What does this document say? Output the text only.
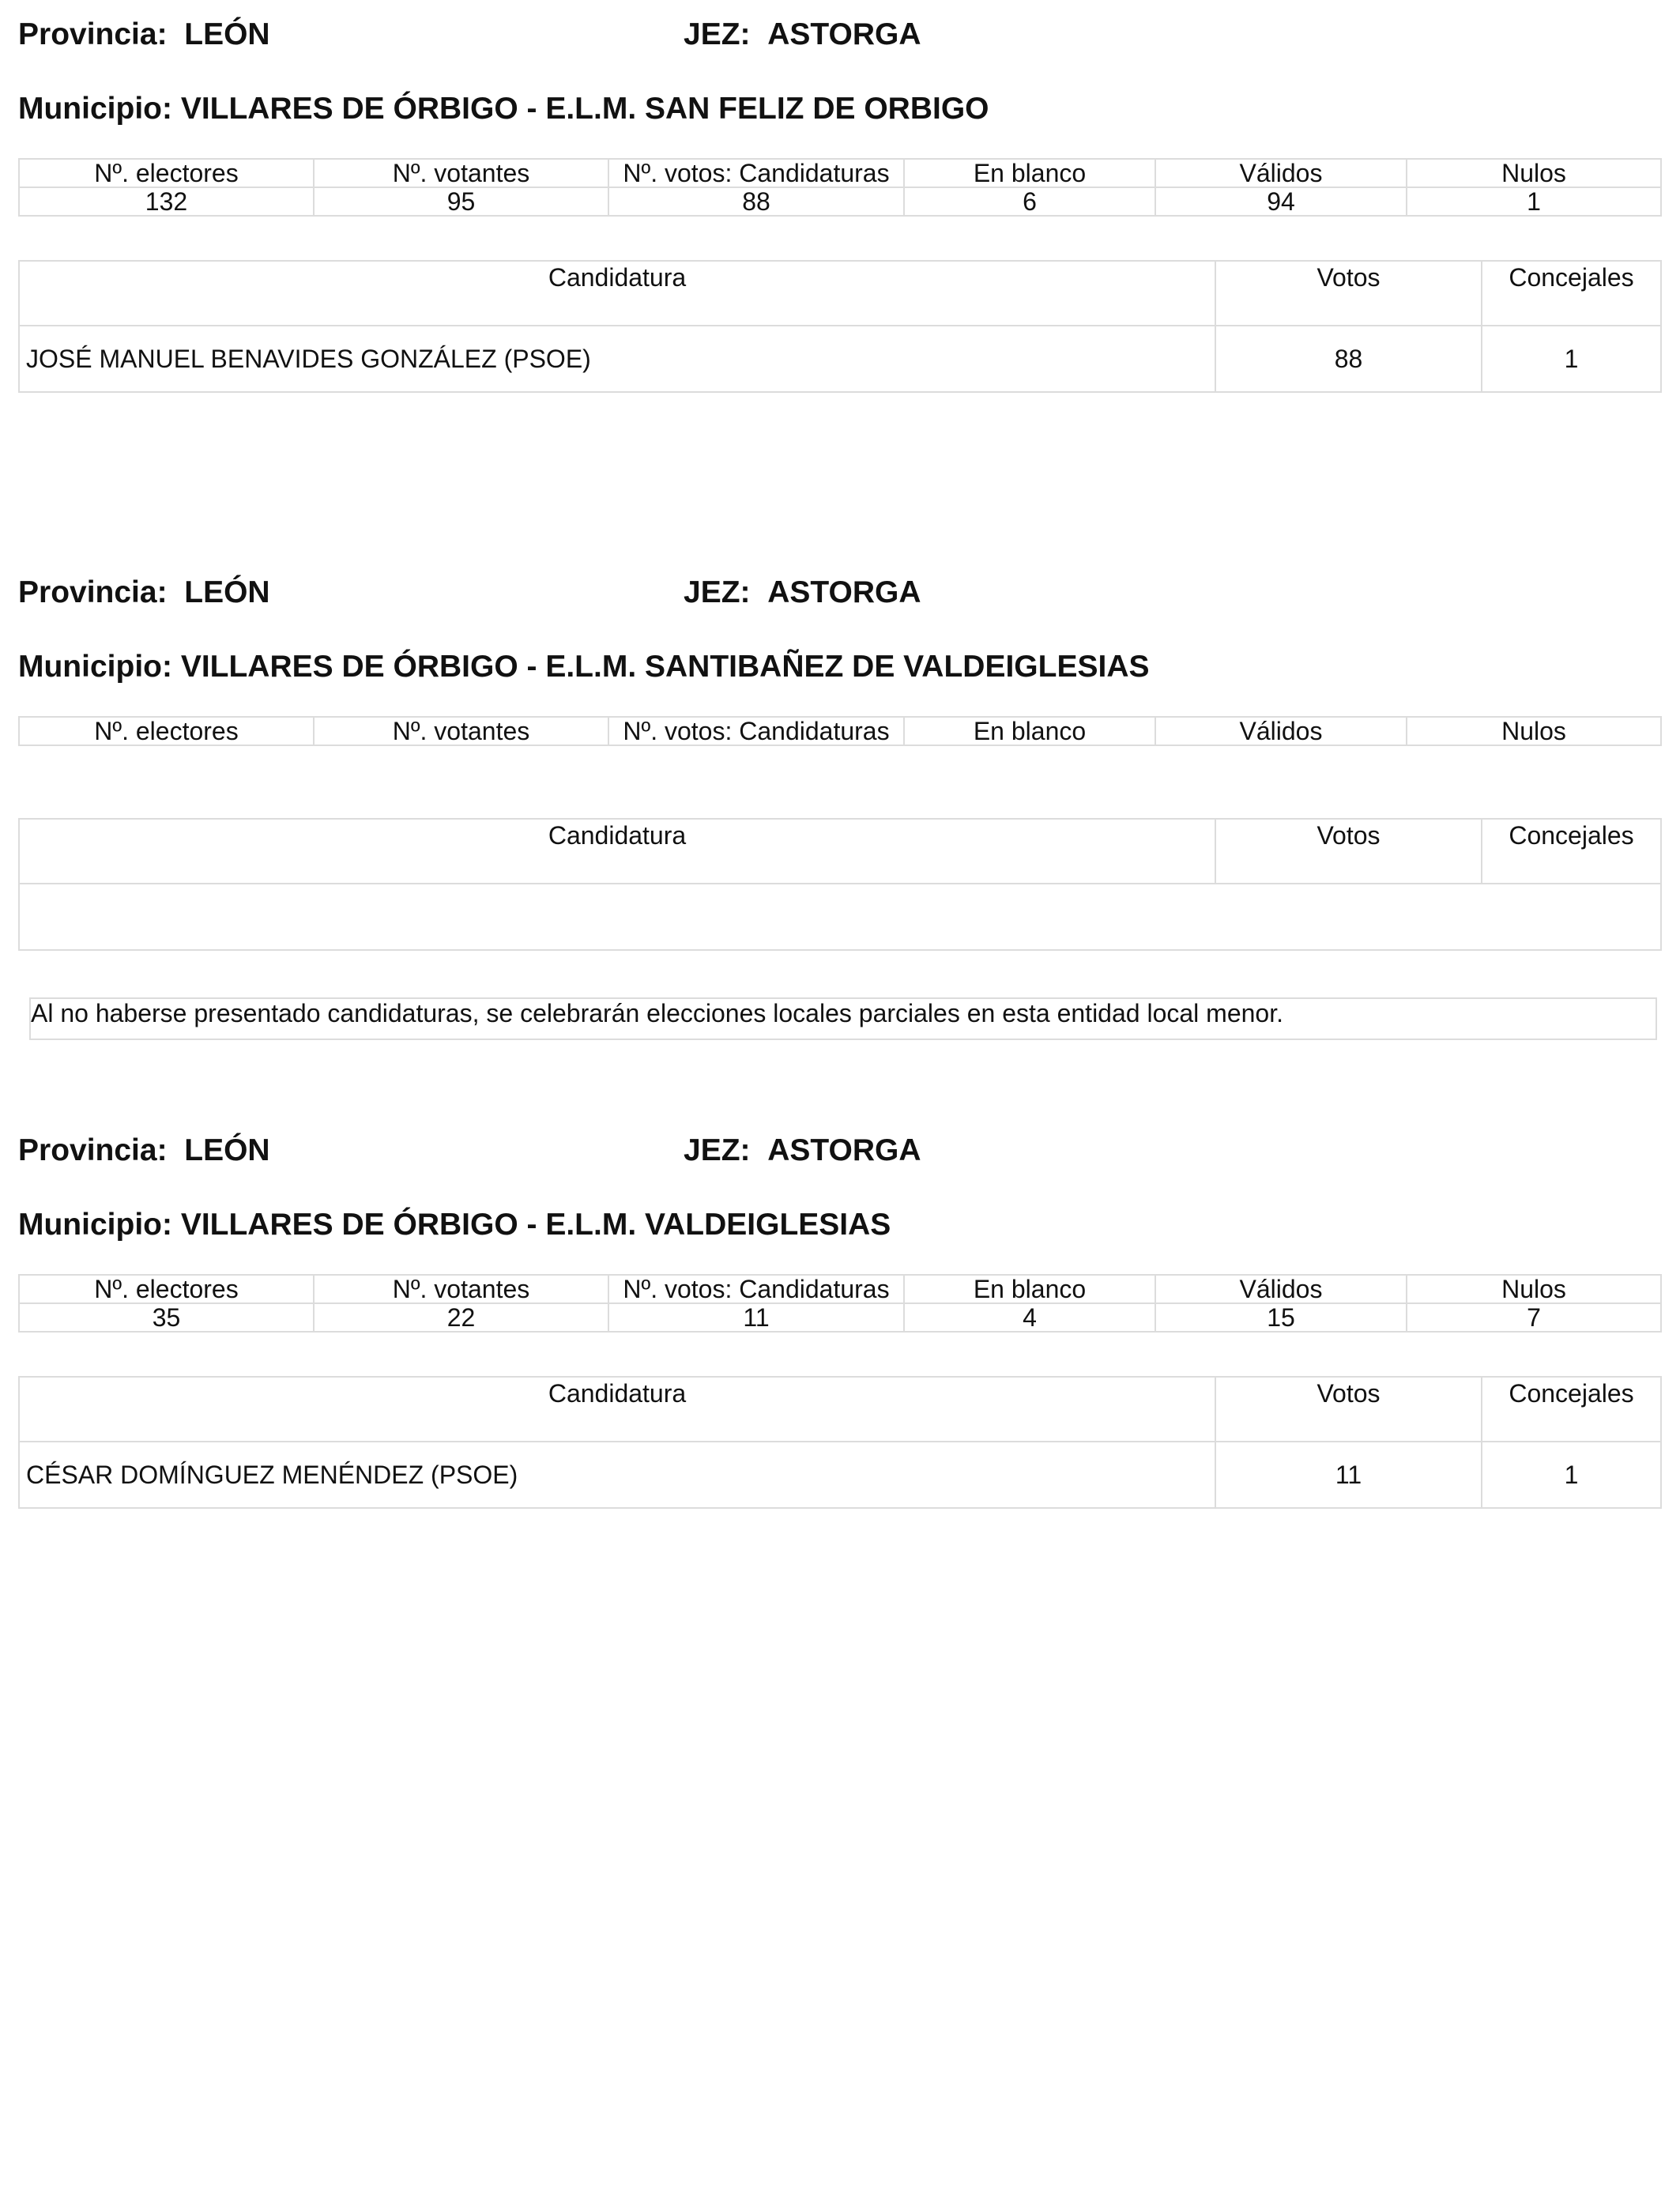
Provincia: LEÓN	JEZ: ASTORGA
Municipio: VILLARES DE ÓRBIGO - E.L.M. SAN FELIZ DE ORBIGO
Nº. electores	Nº. votantes	Nº. votos: Candidaturas	En blanco	Válidos	Nulos
132	95	88	6	94	1
Candidatura	Votos	Concejales
JOSÉ MANUEL BENAVIDES GONZÁLEZ (PSOE)	88	1
Provincia: LEÓN	JEZ: ASTORGA
Municipio: VILLARES DE ÓRBIGO - E.L.M. SANTIBAÑEZ DE VALDEIGLESIAS
Nº. electores	Nº. votantes	Nº. votos: Candidaturas	En blanco	Válidos	Nulos
Candidatura	Votos	Concejales

Al no haberse presentado candidaturas, se celebrarán elecciones locales parciales en esta entidad local menor.
Provincia: LEÓN	JEZ: ASTORGA
Municipio: VILLARES DE ÓRBIGO - E.L.M. VALDEIGLESIAS
Nº. electores	Nº. votantes	Nº. votos: Candidaturas	En blanco	Válidos	Nulos
35	22	11	4	15	7
Candidatura	Votos	Concejales
CÉSAR DOMÍNGUEZ MENÉNDEZ (PSOE)	11	1
